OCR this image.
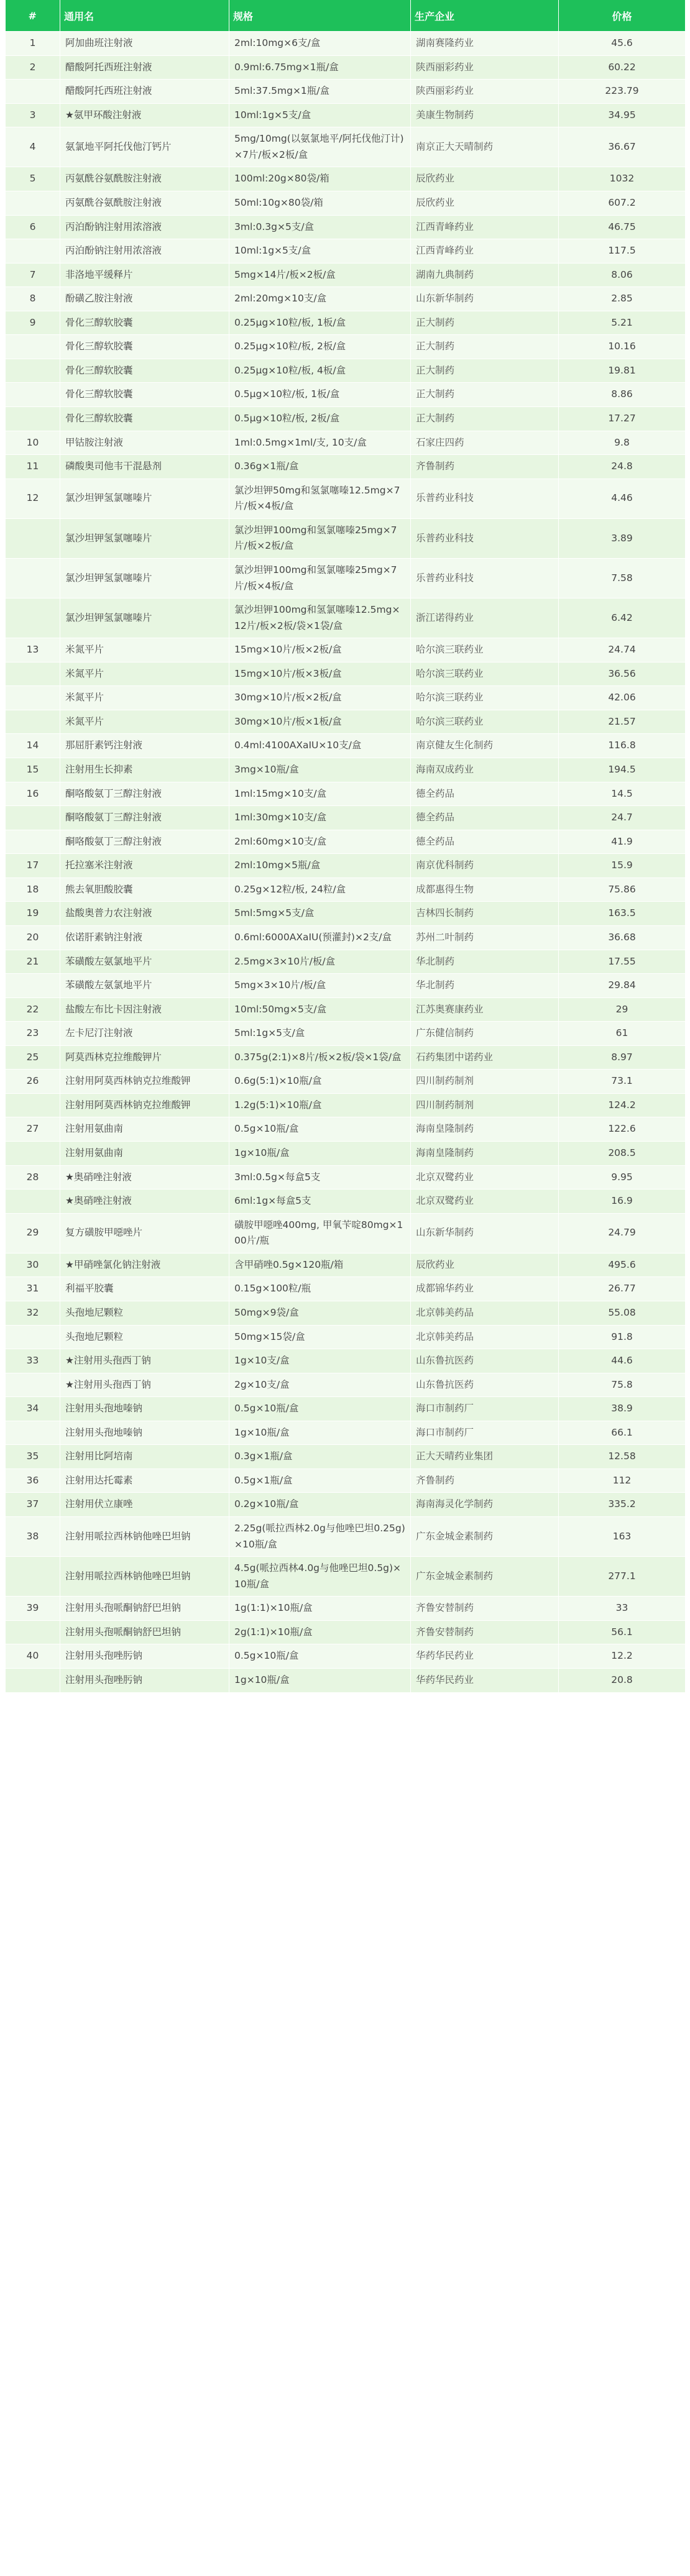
#	通用名	规格	生产企业	价格
1	阿加曲班注射液	2ml:10mg×6支/盒	湖南赛隆药业	45.6
2	醋酸阿托西班注射液	0.9ml:6.75mg×1瓶/盒	陕西丽彩药业	60.22
	醋酸阿托西班注射液	5ml:37.5mg×1瓶/盒	陕西丽彩药业	223.79
3	★氨甲环酸注射液	10ml:1g×5支/盒	美康生物制药	34.95
4	氨氯地平阿托伐他汀钙片	5mg/10mg(以氨氯地平/阿托伐他汀计)×7片/板×2板/盒	南京正大天晴制药	36.67
5	丙氨酰谷氨酰胺注射液	100ml:20g×80袋/箱	辰欣药业	1032
	丙氨酰谷氨酰胺注射液	50ml:10g×80袋/箱	辰欣药业	607.2
6	丙泊酚钠注射用浓溶液	3ml:0.3g×5支/盒	江西青峰药业	46.75
	丙泊酚钠注射用浓溶液	10ml:1g×5支/盒	江西青峰药业	117.5
7	非洛地平缓释片	5mg×14片/板×2板/盒	湖南九典制药	8.06
8	酚磺乙胺注射液	2ml:20mg×10支/盒	山东新华制药	2.85
9	骨化三醇软胶囊	0.25μg×10粒/板, 1板/盒	正大制药	5.21
	骨化三醇软胶囊	0.25μg×10粒/板, 2板/盒	正大制药	10.16
	骨化三醇软胶囊	0.25μg×10粒/板, 4板/盒	正大制药	19.81
	骨化三醇软胶囊	0.5μg×10粒/板, 1板/盒	正大制药	8.86
	骨化三醇软胶囊	0.5μg×10粒/板, 2板/盒	正大制药	17.27
10	甲钴胺注射液	1ml:0.5mg×1ml/支, 10支/盒	石家庄四药	9.8
11	磷酸奥司他韦干混悬剂	0.36g×1瓶/盒	齐鲁制药	24.8
12	氯沙坦钾氢氯噻嗪片	氯沙坦钾50mg和氢氯噻嗪12.5mg×7片/板×4板/盒	乐普药业科技	4.46
	氯沙坦钾氢氯噻嗪片	氯沙坦钾100mg和氢氯噻嗪25mg×7片/板×2板/盒	乐普药业科技	3.89
	氯沙坦钾氢氯噻嗪片	氯沙坦钾100mg和氢氯噻嗪25mg×7片/板×4板/盒	乐普药业科技	7.58
	氯沙坦钾氢氯噻嗪片	氯沙坦钾100mg和氢氯噻嗪12.5mg×12片/板×2板/袋×1袋/盒	浙江诺得药业	6.42
13	米氮平片	15mg×10片/板×2板/盒	哈尔滨三联药业	24.74
	米氮平片	15mg×10片/板×3板/盒	哈尔滨三联药业	36.56
	米氮平片	30mg×10片/板×2板/盒	哈尔滨三联药业	42.06
	米氮平片	30mg×10片/板×1板/盒	哈尔滨三联药业	21.57
14	那屈肝素钙注射液	0.4ml:4100AXaIU×10支/盒	南京健友生化制药	116.8
15	注射用生长抑素	3mg×10瓶/盒	海南双成药业	194.5
16	酮咯酸氨丁三醇注射液	1ml:15mg×10支/盒	德全药品	14.5
	酮咯酸氨丁三醇注射液	1ml:30mg×10支/盒	德全药品	24.7
	酮咯酸氨丁三醇注射液	2ml:60mg×10支/盒	德全药品	41.9
17	托拉塞米注射液	2ml:10mg×5瓶/盒	南京优科制药	15.9
18	熊去氧胆酸胶囊	0.25g×12粒/板, 24粒/盒	成都惠得生物	75.86
19	盐酸奥普力农注射液	5ml:5mg×5支/盒	吉林四长制药	163.5
20	依诺肝素钠注射液	0.6ml:6000AXaIU(预灌封)×2支/盒	苏州二叶制药	36.68
21	苯磺酸左氨氯地平片	2.5mg×3×10片/板/盒	华北制药	17.55
	苯磺酸左氨氯地平片	5mg×3×10片/板/盒	华北制药	29.84
22	盐酸左布比卡因注射液	10ml:50mg×5支/盒	江苏奥赛康药业	29
23	左卡尼汀注射液	5ml:1g×5支/盒	广东健信制药	61
25	阿莫西林克拉维酸钾片	0.375g(2:1)×8片/板×2板/袋×1袋/盒	石药集团中诺药业	8.97
26	注射用阿莫西林钠克拉维酸钾	0.6g(5:1)×10瓶/盒	四川制药制剂	73.1
	注射用阿莫西林钠克拉维酸钾	1.2g(5:1)×10瓶/盒	四川制药制剂	124.2
27	注射用氨曲南	0.5g×10瓶/盒	海南皇隆制药	122.6
	注射用氨曲南	1g×10瓶/盒	海南皇隆制药	208.5
28	★奥硝唑注射液	3ml:0.5g×每盒5支	北京双鹭药业	9.95
	★奥硝唑注射液	6ml:1g×每盒5支	北京双鹭药业	16.9
29	复方磺胺甲噁唑片	磺胺甲噁唑400mg, 甲氧苄啶80mg×100片/瓶	山东新华制药	24.79
30	★甲硝唑氯化钠注射液	含甲硝唑0.5g×120瓶/箱	辰欣药业	495.6
31	利福平胶囊	0.15g×100粒/瓶	成都锦华药业	26.77
32	头孢地尼颗粒	50mg×9袋/盒	北京韩美药品	55.08
	头孢地尼颗粒	50mg×15袋/盒	北京韩美药品	91.8
33	★注射用头孢西丁钠	1g×10支/盒	山东鲁抗医药	44.6
	★注射用头孢西丁钠	2g×10支/盒	山东鲁抗医药	75.8
34	注射用头孢地嗪钠	0.5g×10瓶/盒	海口市制药厂	38.9
	注射用头孢地嗪钠	1g×10瓶/盒	海口市制药厂	66.1
35	注射用比阿培南	0.3g×1瓶/盒	正大天晴药业集团	12.58
36	注射用达托霉素	0.5g×1瓶/盒	齐鲁制药	112
37	注射用伏立康唑	0.2g×10瓶/盒	海南海灵化学制药	335.2
38	注射用哌拉西林钠他唑巴坦钠	2.25g(哌拉西林2.0g与他唑巴坦0.25g)×10瓶/盒	广东金城金素制药	163
	注射用哌拉西林钠他唑巴坦钠	4.5g(哌拉西林4.0g与他唑巴坦0.5g)×10瓶/盒	广东金城金素制药	277.1
39	注射用头孢哌酮钠舒巴坦钠	1g(1:1)×10瓶/盒	齐鲁安替制药	33
	注射用头孢哌酮钠舒巴坦钠	2g(1:1)×10瓶/盒	齐鲁安替制药	56.1
40	注射用头孢唑肟钠	0.5g×10瓶/盒	华药华民药业	12.2
	注射用头孢唑肟钠	1g×10瓶/盒	华药华民药业	20.8
